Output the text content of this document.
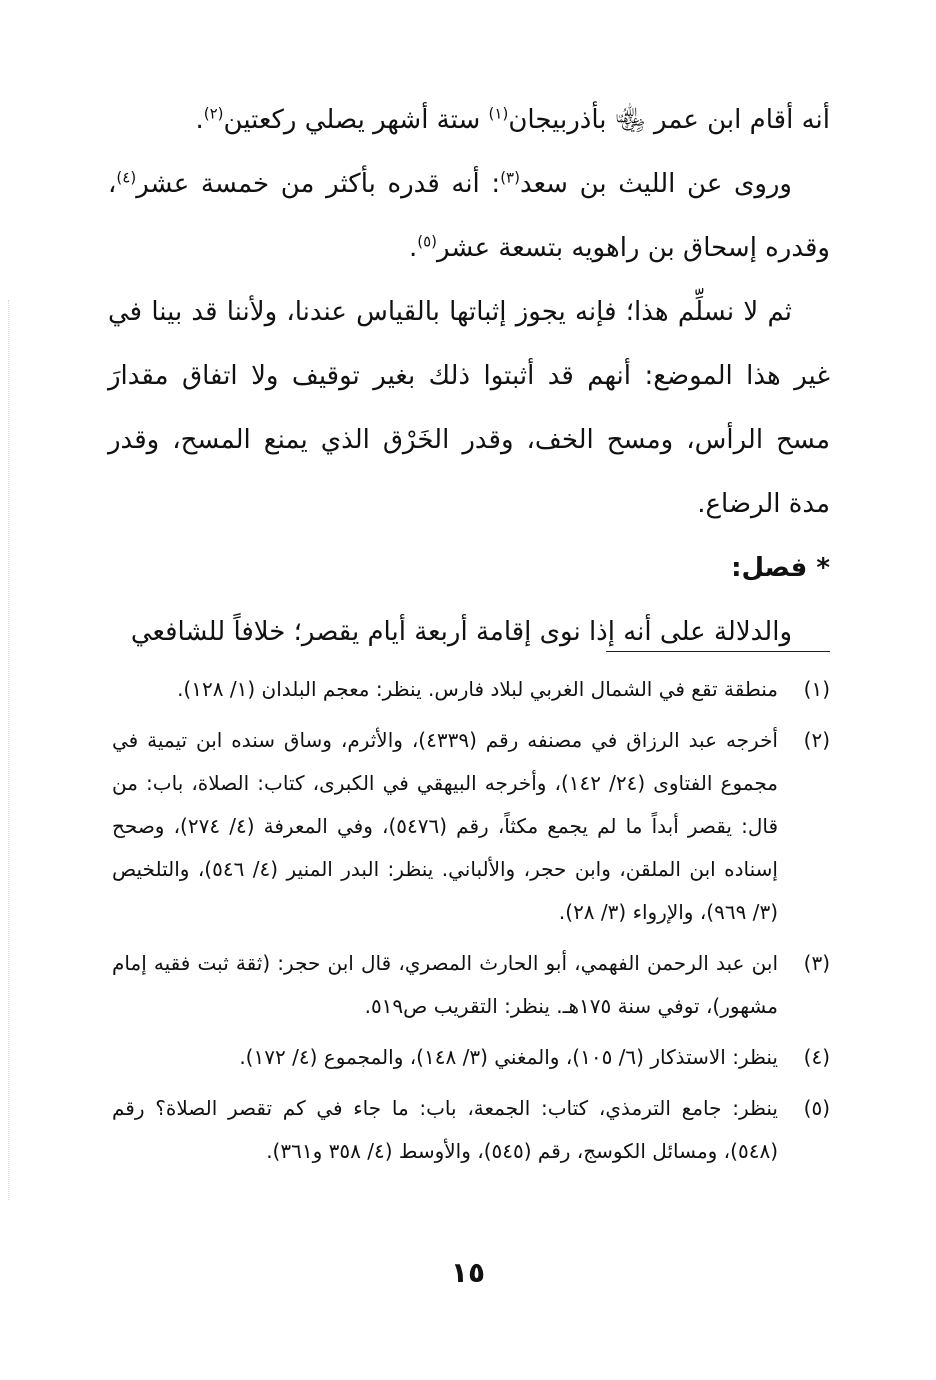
أنه أقام ابن عمر ﵄ بأذربيجان$^{(١)}$ ستة أشهر يصلي ركعتين$^{(٢)}$.

وروى عن الليث بن سعد$^{(٣)}$: أنه قدره بأكثر من خمسة عشر$^{(٤)}$، وقدره إسحاق بن راهويه بتسعة عشر$^{(٥)}$.

ثم لا نسلِّم هذا؛ فإنه يجوز إثباتها بالقياس عندنا، ولأننا قد بينا في غير هذا الموضع: أنهم قد أثبتوا ذلك بغير توقيف ولا اتفاق مقدارَ مسح الرأس، ومسح الخف، وقدر الخَرْق الذي يمنع المسح، وقدر مدة الرضاع.

* فصل:

والدلالة على أنه إذا نوى إقامة أربعة أيام يقصر؛ خلافاً للشافعي

(١)
منطقة تقع في الشمال الغربي لبلاد فارس. ينظر: معجم البلدان (١/ ١٢٨).
(٢)
أخرجه عبد الرزاق في مصنفه رقم (٤٣٣٩)، والأثرم، وساق سنده ابن تيمية في مجموع الفتاوى (٢٤/ ١٤٢)، وأخرجه البيهقي في الكبرى، كتاب: الصلاة، باب: من قال: يقصر أبداً ما لم يجمع مكثاً، رقم (٥٤٧٦)، وفي المعرفة (٤/ ٢٧٤)، وصحح إسناده ابن الملقن، وابن حجر، والألباني. ينظر: البدر المنير (٤/ ٥٤٦)، والتلخيص (٣/ ٩٦٩)، والإرواء (٣/ ٢٨).
(٣)
ابن عبد الرحمن الفهمي، أبو الحارث المصري، قال ابن حجر: (ثقة ثبت فقيه إمام مشهور)، توفي سنة ١٧٥هـ. ينظر: التقريب ص٥١٩.
(٤)
ينظر: الاستذكار (٦/ ١٠٥)، والمغني (٣/ ١٤٨)، والمجموع (٤/ ١٧٢).
(٥)
ينظر: جامع الترمذي، كتاب: الجمعة، باب: ما جاء في كم تقصر الصلاة؟ رقم (٥٤٨)، ومسائل الكوسج، رقم (٥٤٥)، والأوسط (٤/ ٣٥٨ و٣٦١).
١٥
